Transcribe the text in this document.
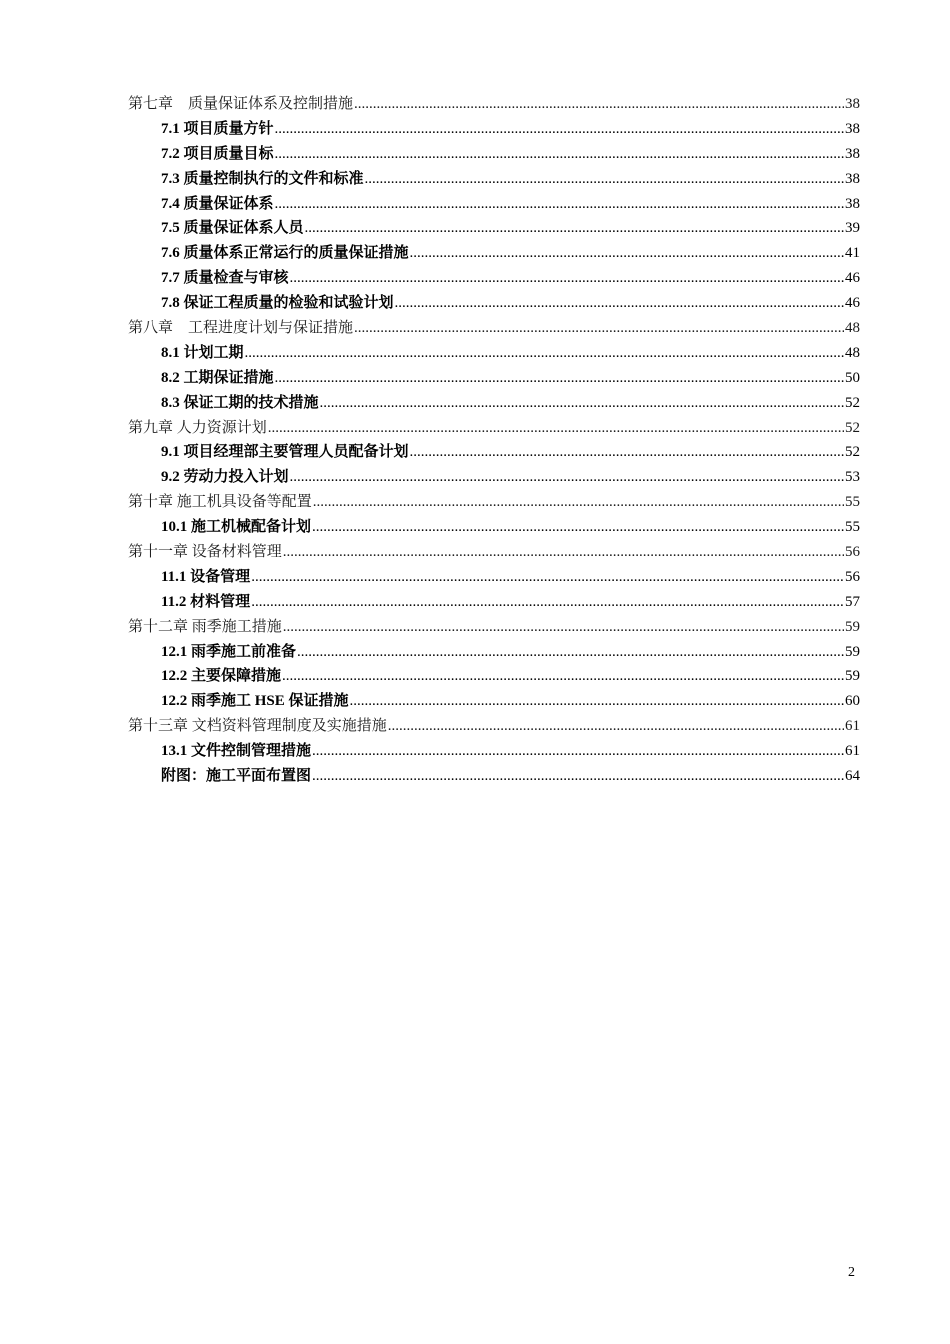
第七章　质量保证体系及控制措施 .....	38
7.1 项目质量方针 .....	38
7.2 项目质量目标 .....	38
7.3 质量控制执行的文件和标准 .....	38
7.4 质量保证体系 .....	38
7.5 质量保证体系人员 .....	39
7.6 质量体系正常运行的质量保证措施 .....	41
7.7 质量检查与审核 .....	46
7.8 保证工程质量的检验和试验计划 .....	46
第八章　工程进度计划与保证措施 .....	48
8.1 计划工期 .....	48
8.2 工期保证措施 .....	50
8.3 保证工期的技术措施 .....	52
第九章 人力资源计划 .....	52
9.1 项目经理部主要管理人员配备计划 .....	52
9.2 劳动力投入计划 .....	53
第十章 施工机具设备等配置 .....	55
10.1 施工机械配备计划 .....	55
第十一章 设备材料管理 .....	56
11.1 设备管理 .....	56
11.2 材料管理 .....	57
第十二章 雨季施工措施 .....	59
12.1 雨季施工前准备 .....	59
12.2 主要保障措施 .....	59
12.2 雨季施工 HSE 保证措施 .....	60
第十三章 文档资料管理制度及实施措施 .....	61
13.1 文件控制管理措施 .....	61
附图：施工平面布置图 .....	64
2
